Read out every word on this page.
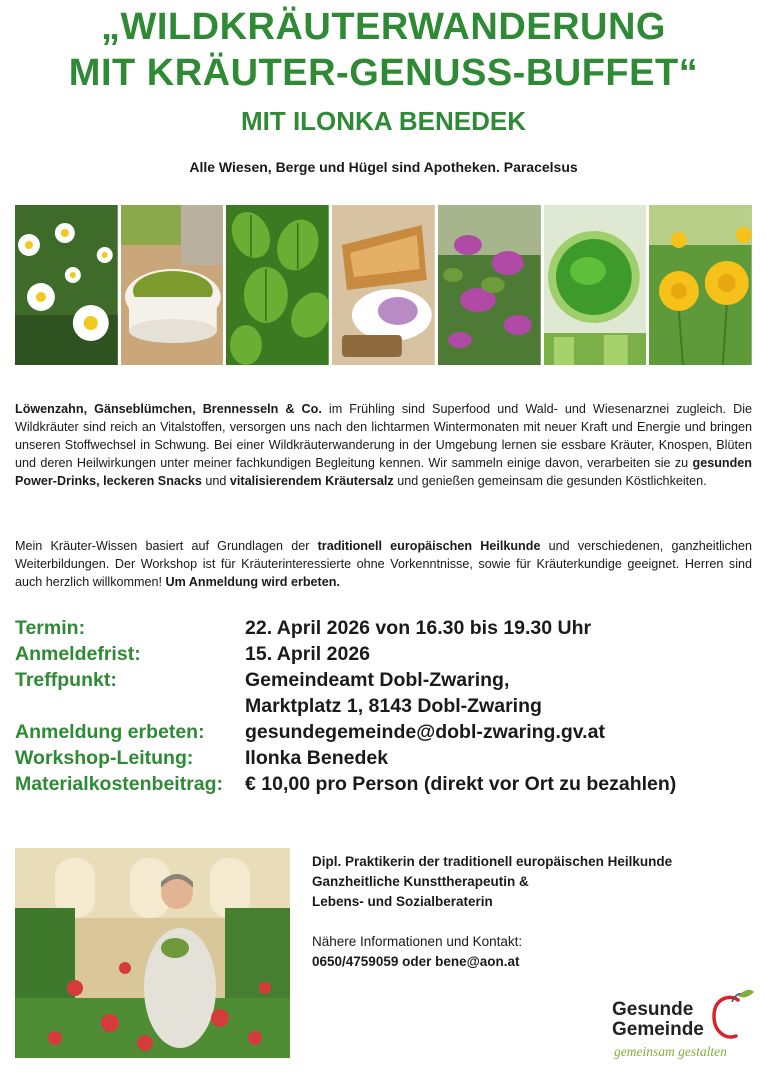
„WILDKRÄUTERWANDERUNG
MIT KRÄUTER-GENUSS-BUFFET“
MIT ILONKA BENEDEK
Alle Wiesen, Berge und Hügel sind Apotheken. Paracelsus
Löwenzahn, Gänseblümchen, Brennesseln & Co. im Frühling sind Superfood und Wald- und Wiesenarznei zugleich. Die Wildkräuter sind reich an Vitalstoffen, versorgen uns nach den lichtarmen Wintermonaten mit neuer Kraft und Energie und bringen unseren Stoffwechsel in Schwung. Bei einer Wildkräuterwanderung in der Umgebung lernen sie essbare Kräuter, Knospen, Blüten und deren Heilwirkungen unter meiner fachkundigen Begleitung kennen. Wir sammeln einige davon, verarbeiten sie zu gesunden Power-Drinks, leckeren Snacks und vitalisierendem Kräutersalz und genießen gemeinsam die gesunden Köstlichkeiten.
Mein Kräuter-Wissen basiert auf Grundlagen der traditionell europäischen Heilkunde und verschiedenen, ganzheitlichen Weiterbildungen. Der Workshop ist für Kräuterinteressierte ohne Vorkenntnisse, sowie für Kräuterkundige geeignet. Herren sind auch herzlich willkommen! Um Anmeldung wird erbeten.
Termin:	22. April 2026 von 16.30 bis 19.30 Uhr
Anmeldefrist:	15. April 2026
Treffpunkt:	Gemeindeamt Dobl-Zwaring,
Marktplatz 1, 8143 Dobl-Zwaring
Anmeldung erbeten: gesundegemeinde@dobl-zwaring.gv.at
Workshop-Leitung:	Ilonka Benedek
Materialkostenbeitrag: € 10,00 pro Person (direkt vor Ort zu bezahlen)
Dipl. Praktikerin der traditionell europäischen Heilkunde
Ganzheitliche Kunsttherapeutin &
Lebens- und Sozialberaterin
Nähere Informationen und Kontakt:
0650/4759059 oder bene@aon.at
Gesunde
Gemeinde
gemeinsam gestalten
